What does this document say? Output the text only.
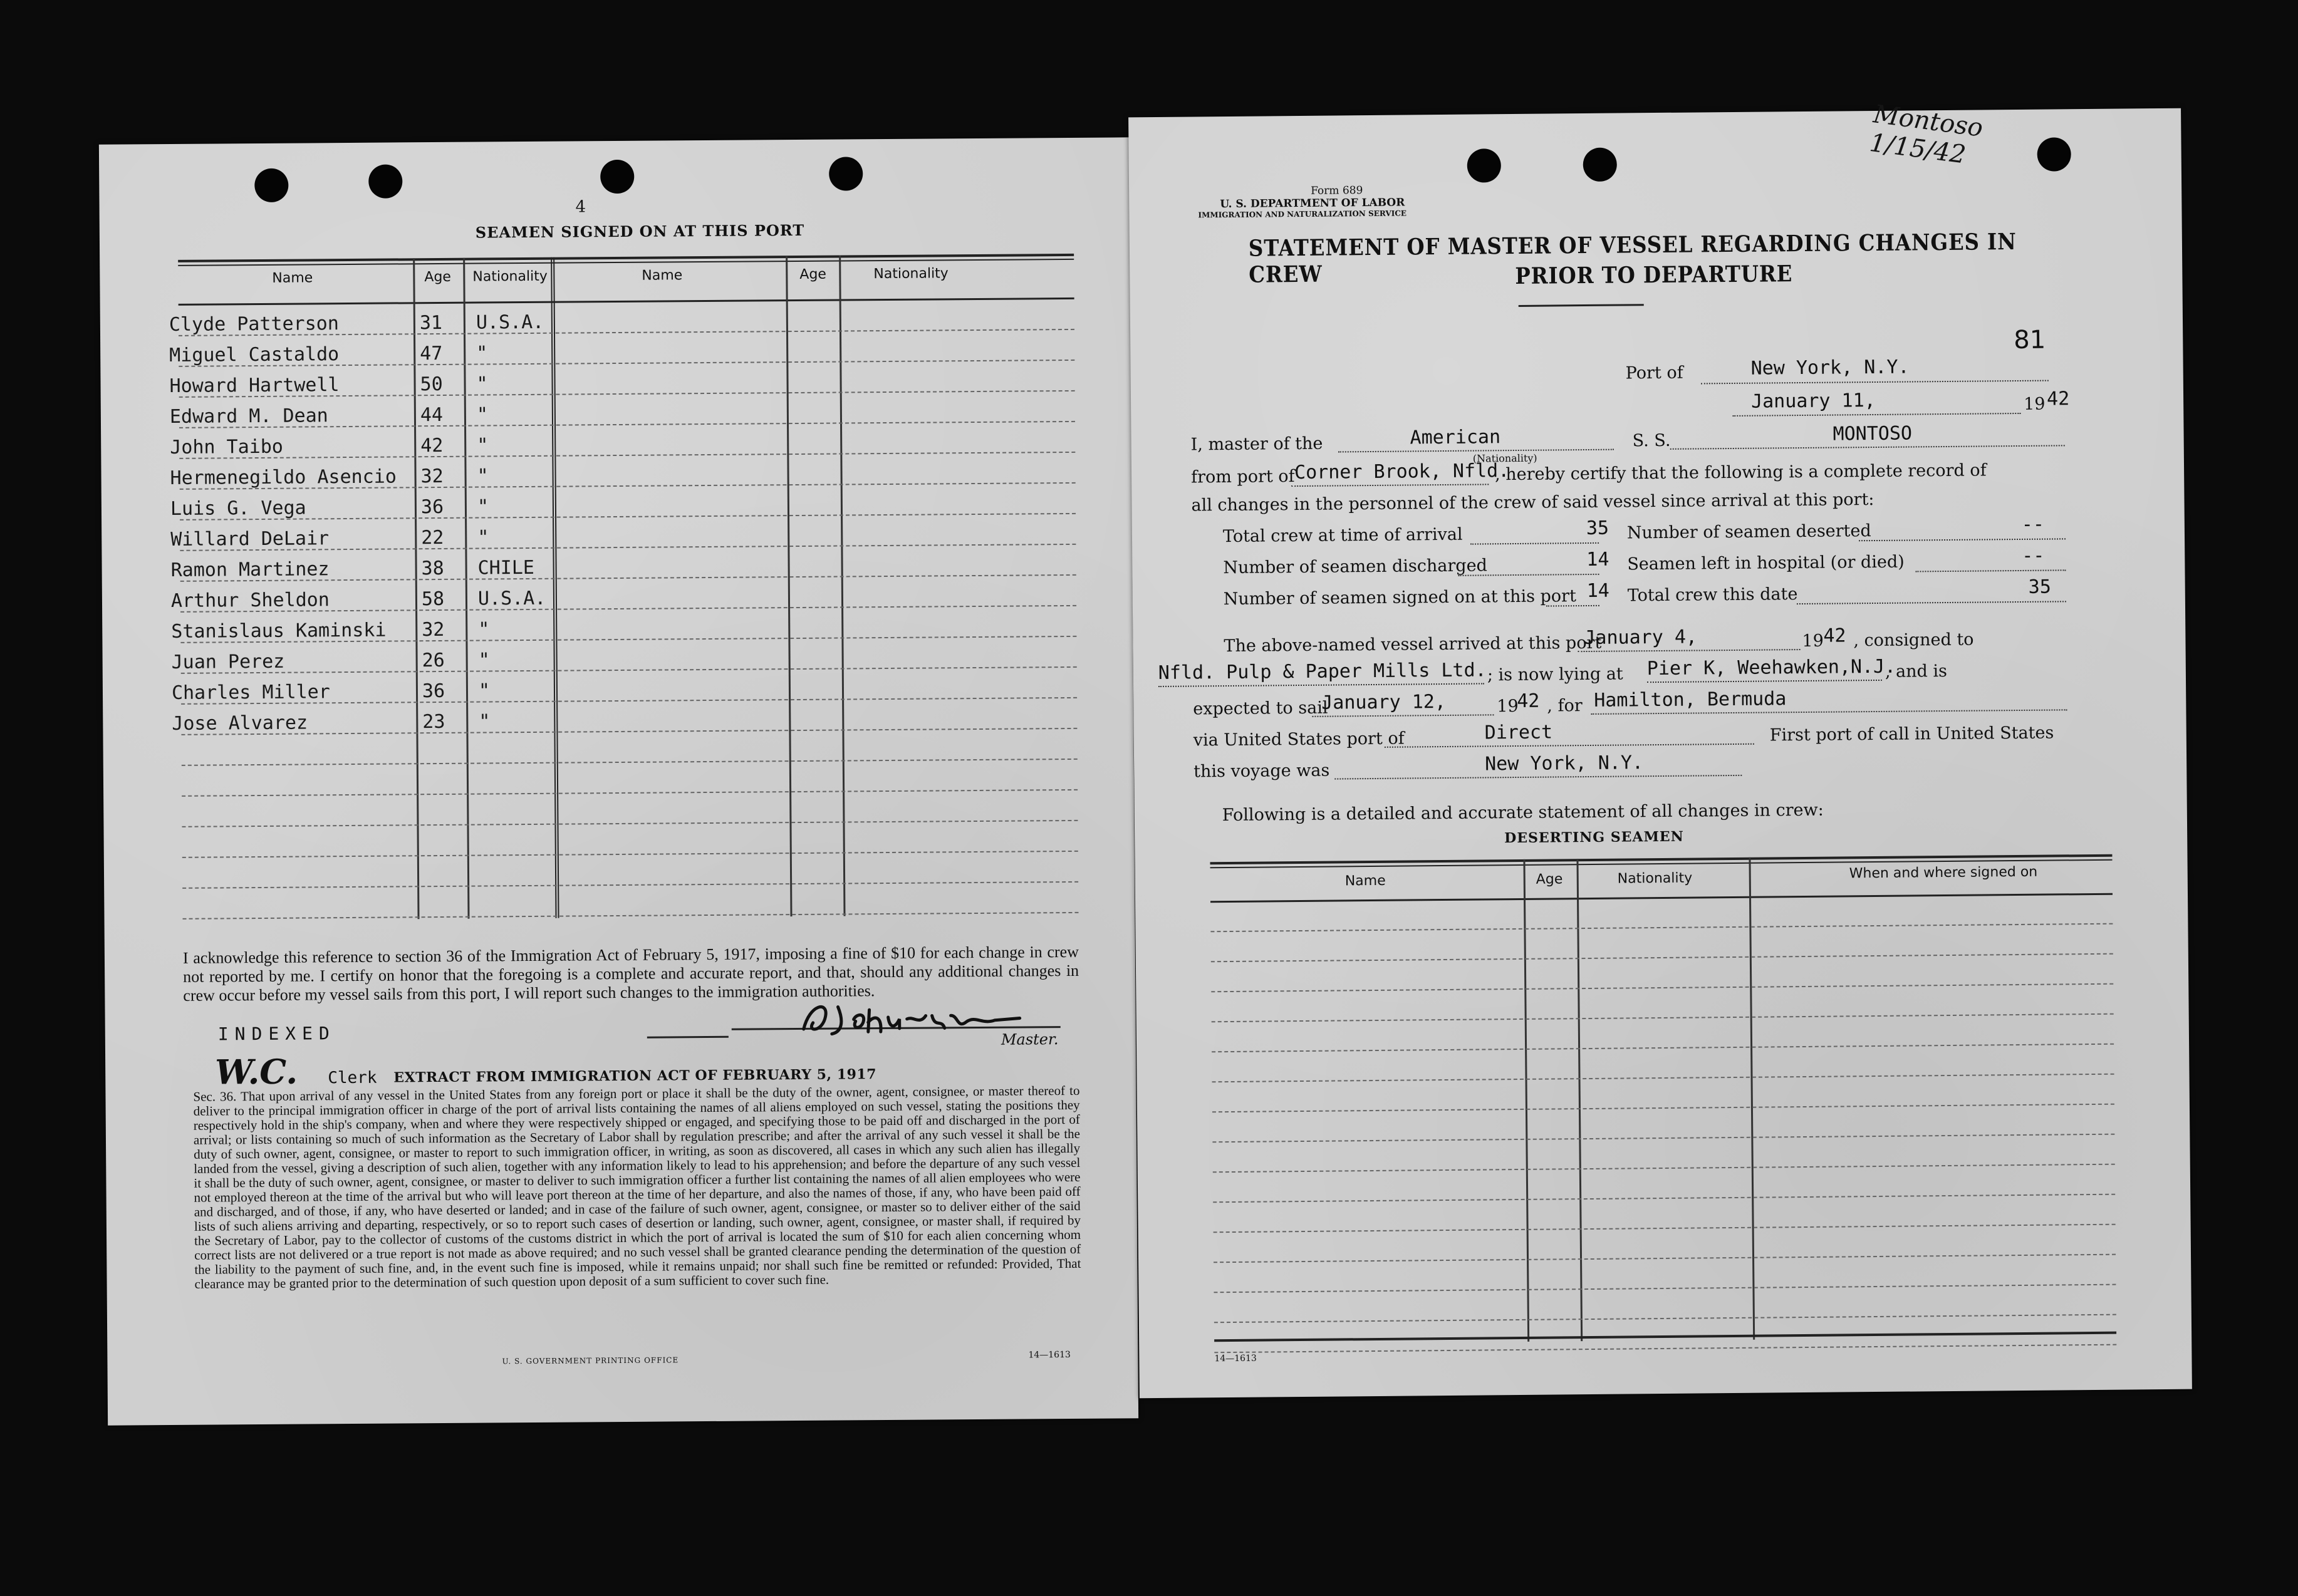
4
SEAMEN SIGNED ON AT THIS PORT
Name	Age Nationality	Name	Age	Nationality
Clyde Patterson	31 U.S.A.
Miguel Castaldo	47 "
Howard Hartwell	50 "
Edward M. Dean	44 "
John Taibo	42 "
Hermenegildo Asencio 32 "
Luis G. Vega	36 "
Willard DeLair	22 "
Ramon Martinez	38 CHILE
Arthur Sheldon	58 U.S.A.
Stanislaus Kaminski 32 "
Juan Perez	26 "
Charles Miller	36 "
Jose Alvarez	23 "
I acknowledge this reference to section 36 of the Immigration Act of February 5, 1917, imposing a fine of $10 for each change in crew not reported by me. I certify on honor that the foregoing is a complete and accurate report, and that, should any additional changes in crew occur before my vessel sails from this port, I will report such changes to the immigration authorities.
INDEXED
W.C. Clerk
Master.
EXTRACT FROM IMMIGRATION ACT OF FEBRUARY 5, 1917
Sec. 36. That upon arrival of any vessel in the United States from any foreign port or place it shall be the duty of the owner, agent, consignee, or master thereof to deliver to the principal immigration officer in charge of the port of arrival lists containing the names of all aliens employed on such vessel, stating the positions they respectively hold in the ship's company, when and where they were respectively shipped or engaged, and specifying those to be paid off and discharged in the port of arrival; or lists containing so much of such information as the Secretary of Labor shall by regulation prescribe; and after the arrival of any such vessel it shall be the duty of such owner, agent, consignee, or master to report to such immigration officer, in writing, as soon as discovered, all cases in which any such alien has illegally landed from the vessel, giving a description of such alien, together with any information likely to lead to his apprehension; and before the departure of any such vessel it shall be the duty of such owner, agent, consignee, or master to deliver to such immigration officer a further list containing the names of all alien employees who were not employed thereon at the time of the arrival but who will leave port thereon at the time of her departure, and also the names of those, if any, who have been paid off and discharged, and of those, if any, who have deserted or landed; and in case of the failure of such owner, agent, consignee, or master so to deliver either of the said lists of such aliens arriving and departing, respectively, or so to report such cases of desertion or landing, such owner, agent, consignee, or master shall, if required by the Secretary of Labor, pay to the collector of customs of the customs district in which the port of arrival is located the sum of $10 for each alien concerning whom correct lists are not delivered or a true report is not made as above required; and no such vessel shall be granted clearance pending the determination of the question of the liability to the payment of such fine, and, in the event such fine is imposed, while it remains unpaid; nor shall such fine be remitted or refunded: Provided, That clearance may be granted prior to the determination of such question upon deposit of a sum sufficient to cover such fine.
U. S. GOVERNMENT PRINTING OFFICE
14—1613
Montoso 1/15/42
Form 689
U. S. DEPARTMENT OF LABOR
IMMIGRATION AND NATURALIZATION SERVICE
STATEMENT OF MASTER OF VESSEL REGARDING CHANGES IN CREW	PRIOR TO DEPARTURE
81
Port of	New York, N.Y.
January 11,	19 42
I, master of the	American
(Nationality)
S. S.	MONTOSO
from port of Corner Brook, Nfld.
, hereby certify that the following is a complete record of
all changes in the personnel of the crew of said vessel since arrival at this port:
Total crew at time of arrival	35
Number of seamen discharged	14
Number of seamen signed on at this port 14
Number of seamen deserted	--
Seamen left in hospital (or died)	--
Total crew this date	35
The above-named vessel arrived at this port
January 4,	19 42 , consigned to
Nfld. Pulp & Paper Mills Ltd. ; is now lying at Pier K, Weehawken,N.J.
, and is
expected to sail
January 12,	19
42 , for Hamilton, Bermuda
via United States port of	Direct	First port of call in United States
this voyage was	New York, N.Y.
Following is a detailed and accurate statement of all changes in crew:
DESERTING SEAMEN
Name	Age	Nationality	When and where signed on
14—1613
